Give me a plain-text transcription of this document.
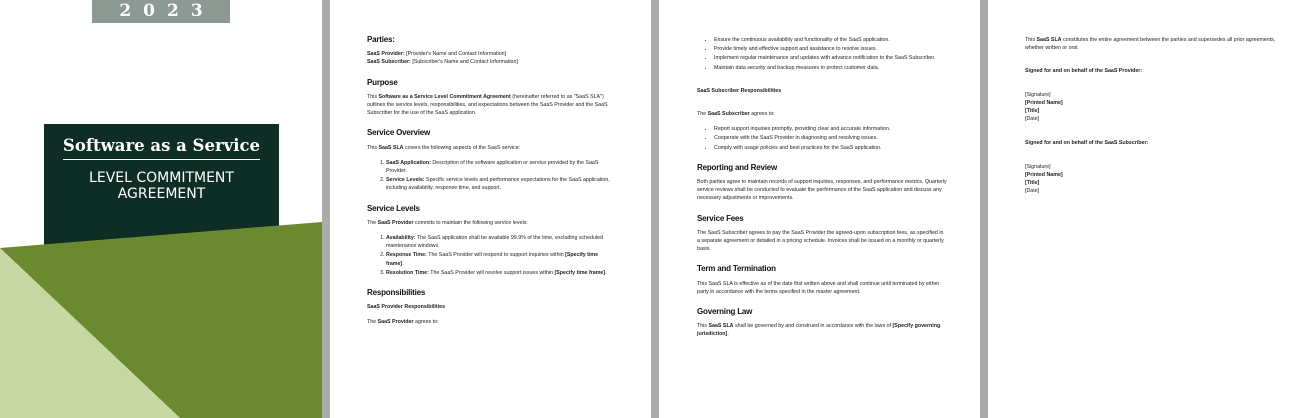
2023
Software as a Service
LEVEL COMMITMENT
AGREEMENT
Parties:

SaaS Provider: [Provider's Name and Contact Information]

SaaS Subscriber: [Subscriber's Name and Contact Information]

Purpose

This Software as a Service Level Commitment Agreement (hereinafter referred to as "SaaS SLA") outlines the service levels, responsibilities, and expectations between the SaaS Provider and the SaaS Subscriber for the use of the SaaS application.

Service Overview

This SaaS SLA covers the following aspects of the SaaS service:

1. SaaS Application: Description of the software application or service provided by the SaaS Provider.
2. Service Levels: Specific service levels and performance expectations for the SaaS application, including availability, response time, and support.
Service Levels

The SaaS Provider commits to maintain the following service levels:

1. Availability: The SaaS application shall be available 99.9% of the time, excluding scheduled maintenance windows.
2. Response Time: The SaaS Provider will respond to support inquiries within [Specify time frame].
3. Resolution Time: The SaaS Provider will resolve support issues within [Specify time frame].
Responsibilities

SaaS Provider Responsibilities

The SaaS Provider agrees to:

• Ensure the continuous availability and functionality of the SaaS application.
• Provide timely and effective support and assistance to resolve issues.
• Implement regular maintenance and updates with advance notification to the SaaS Subscriber.
• Maintain data security and backup measures to protect customer data.

SaaS Subscriber Responsibilities

The SaaS Subscriber agrees to:

• Report support inquiries promptly, providing clear and accurate information.
• Cooperate with the SaaS Provider in diagnosing and resolving issues.
• Comply with usage policies and best practices for the SaaS application.
Reporting and Review

Both parties agree to maintain records of support inquiries, responses, and performance metrics. Quarterly service reviews shall be conducted to evaluate the performance of the SaaS application and discuss any necessary adjustments or improvements.

Service Fees

The SaaS Subscriber agrees to pay the SaaS Provider the agreed-upon subscription fees, as specified in a separate agreement or detailed in a pricing schedule. Invoices shall be issued on a monthly or quarterly basis.

Term and Termination

This SaaS SLA is effective as of the date first written above and shall continue until terminated by either party in accordance with the terms specified in the master agreement.

Governing Law

This SaaS SLA shall be governed by and construed in accordance with the laws of [Specify governing jurisdiction].

This SaaS SLA constitutes the entire agreement between the parties and supersedes all prior agreements, whether written or oral.

Signed for and on behalf of the SaaS Provider:

[Signature]

[Printed Name]

[Title]

[Date]

Signed for and on behalf of the SaaS Subscriber:

[Signature]

[Printed Name]

[Title]

[Date]
